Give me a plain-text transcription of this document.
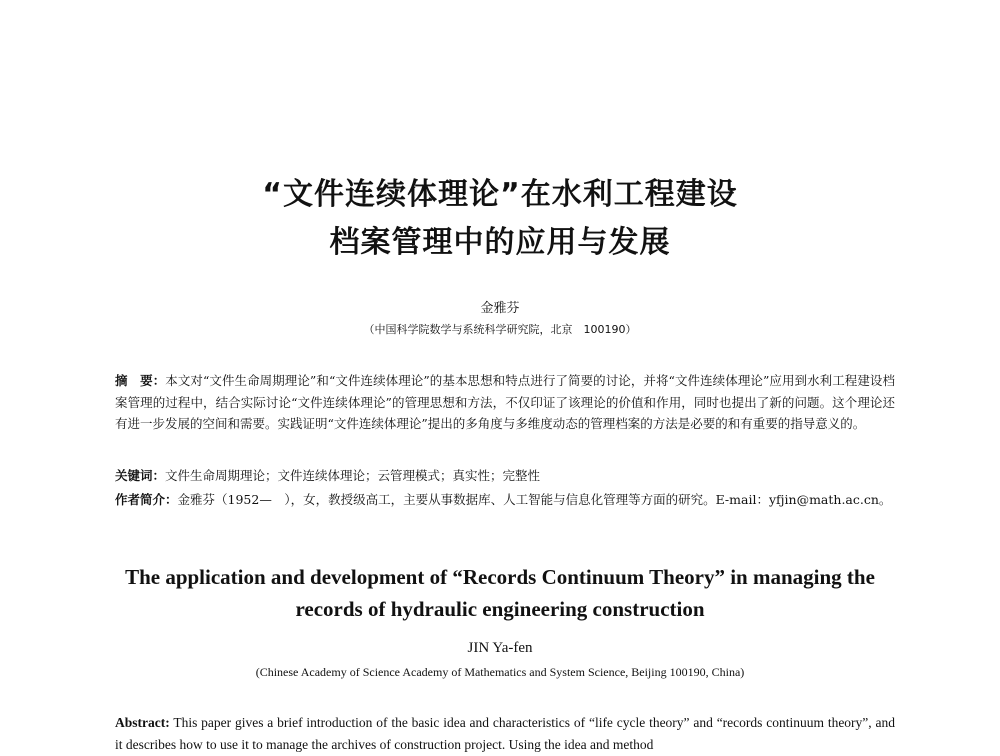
“文件连续体理论”在水利工程建设
档案管理中的应用与发展
金雅芬
（中国科学院数学与系统科学研究院，北京　100190）
摘　要：本文对“文件生命周期理论”和“文件连续体理论”的基本思想和特点进行了简要的讨论，并将“文件连续体理论”应用到水利工程建设档案管理的过程中，结合实际讨论“文件连续体理论”的管理思想和方法，不仅印证了该理论的价值和作用，同时也提出了新的问题。这个理论还有进一步发展的空间和需要。实践证明“文件连续体理论”提出的多角度与多维度动态的管理档案的方法是必要的和有重要的指导意义的。
关键词：文件生命周期理论；文件连续体理论；云管理模式；真实性；完整性
作者简介：金雅芬（1952—　），女，教授级高工，主要从事数据库、人工智能与信息化管理等方面的研究。E-mail：yfjin@math.ac.cn。
The application and development of “Records Continuum Theory” in managing the
records of hydraulic engineering construction
JIN Ya-fen
(Chinese Academy of Science Academy of Mathematics and System Science, Beijing 100190, China)
Abstract: This paper gives a brief introduction of the basic idea and characteristics of “life cycle theory” and “records continuum theory”, and it describes how to use it to manage the archives of construction project. Using the idea and method
